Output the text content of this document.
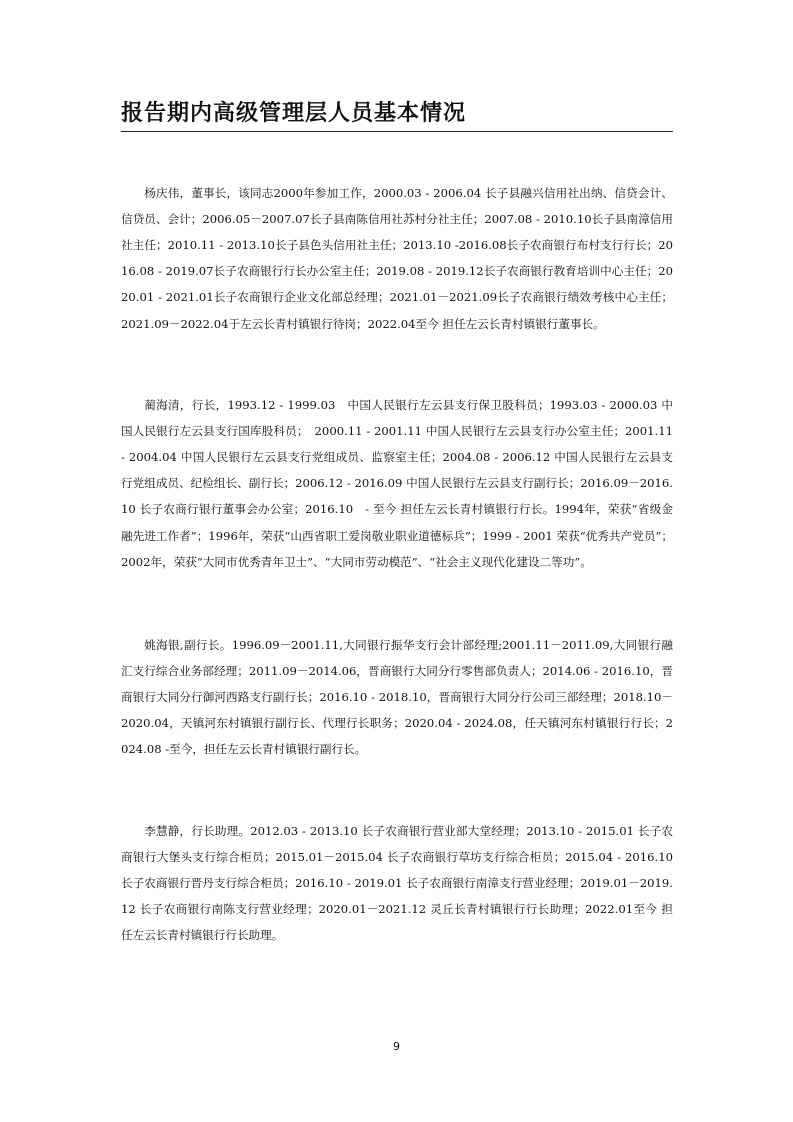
报告期内高级管理层人员基本情况

杨庆伟，董事长，该同志2000年参加工作，2000.03 - 2006.04 长子县融兴信用社出纳、信贷会计、信贷员、会计；2006.05－2007.07长子县南陈信用社苏村分社主任；2007.08 - 2010.10长子县南漳信用社主任；2010.11 - 2013.10长子县色头信用社主任；2013.10 -2016.08长子农商银行布村支行行长；2016.08 - 2019.07长子农商银行行长办公室主任；2019.08 - 2019.12长子农商银行教育培训中心主任；2020.01 - 2021.01长子农商银行企业文化部总经理；2021.01－2021.09长子农商银行绩效考核中心主任；2021.09－2022.04于左云长青村镇银行待岗；2022.04至今 担任左云长青村镇银行董事长。

蔺海清，行长，1993.12 - 1999.03　中国人民银行左云县支行保卫股科员；1993.03 - 2000.03 中国人民银行左云县支行国库股科员；　2000.11 - 2001.11 中国人民银行左云县支行办公室主任；2001.11 - 2004.04 中国人民银行左云县支行党组成员、监察室主任；2004.08 - 2006.12 中国人民银行左云县支行党组成员、纪检组长、副行长；2006.12 - 2016.09 中国人民银行左云县支行副行长；2016.09－2016.10 长子农商行银行董事会办公室；2016.10　- 至今 担任左云长青村镇银行行长。1994年，荣获“省级金融先进工作者”；1996年，荣获“山西省职工爱岗敬业职业道德标兵”；1999 - 2001 荣获“优秀共产党员”；2002年，荣获“大同市优秀青年卫士”、“大同市劳动模范”、“社会主义现代化建设二等功”。

姚海银,副行长。1996.09－2001.11,大同银行振华支行会计部经理;2001.11－2011.09,大同银行融汇支行综合业务部经理；2011.09－2014.06，晋商银行大同分行零售部负责人；2014.06 - 2016.10，晋商银行大同分行御河西路支行副行长；2016.10 - 2018.10，晋商银行大同分行公司三部经理；2018.10－2020.04，天镇河东村镇银行副行长、代理行长职务；2020.04 - 2024.08，任天镇河东村镇银行行长；2024.08 -至今，担任左云长青村镇银行副行长。

李慧静，行长助理。2012.03 - 2013.10 长子农商银行营业部大堂经理；2013.10 - 2015.01 长子农商银行大堡头支行综合柜员；2015.01－2015.04 长子农商银行草坊支行综合柜员；2015.04 - 2016.10长子农商银行晋丹支行综合柜员；2016.10 - 2019.01 长子农商银行南漳支行营业经理；2019.01－2019.12 长子农商银行南陈支行营业经理；2020.01－2021.12 灵丘长青村镇银行行长助理；2022.01至今 担任左云长青村镇银行行长助理。

9
